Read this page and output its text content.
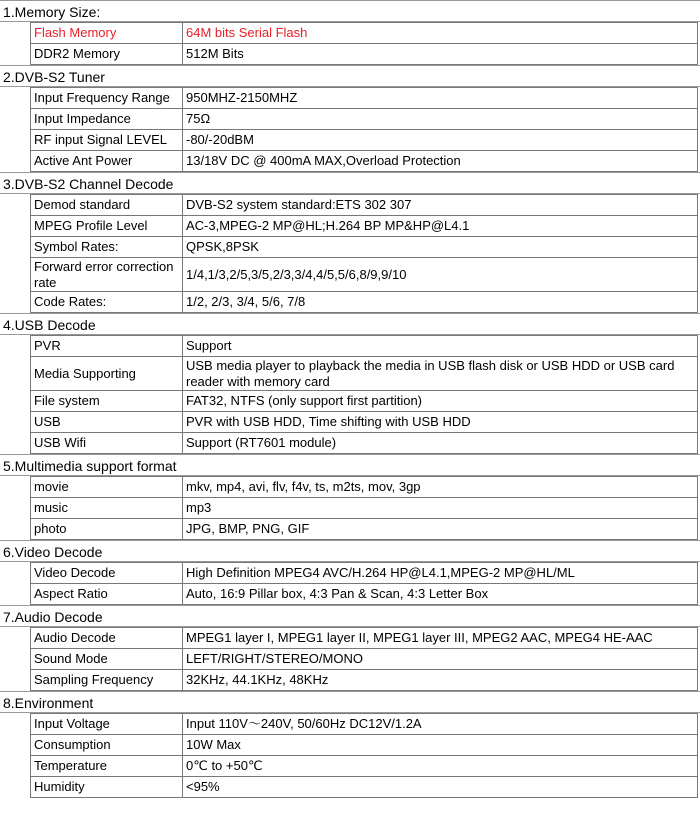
1.Memory Size:
Flash Memory	64M bits Serial Flash
DDR2 Memory	512M Bits
2.DVB-S2 Tuner
Input Frequency Range	950MHZ-2150MHZ
Input Impedance	75Ω
RF input Signal LEVEL	-80/-20dBM
Active Ant Power	13/18V DC @ 400mA MAX,Overload Protection
3.DVB-S2 Channel Decode
Demod standard	DVB-S2 system standard:ETS 302 307
MPEG Profile Level	AC-3,MPEG-2 MP@HL;H.264 BP MP&HP@L4.1
Symbol Rates:	QPSK,8PSK
Forward error correction rate	1/4,1/3,2/5,3/5,2/3,3/4,4/5,5/6,8/9,9/10
Code Rates:	1/2, 2/3, 3/4, 5/6, 7/8
4.USB Decode
PVR	Support
Media Supporting	USB media player to playback the media in USB flash disk or USB HDD or USB card reader with memory card
File system	FAT32, NTFS (only support first partition)
USB	PVR with USB HDD, Time shifting with USB HDD
USB Wifi	Support (RT7601 module)
5.Multimedia support format
movie	mkv, mp4, avi, flv, f4v, ts, m2ts, mov, 3gp
music	mp3
photo	JPG, BMP, PNG, GIF
6.Video Decode
Video Decode	High Definition MPEG4 AVC/H.264 HP@L4.1,MPEG-2 MP@HL/ML
Aspect Ratio	Auto, 16:9 Pillar box, 4:3 Pan & Scan, 4:3 Letter Box
7.Audio Decode
Audio Decode	MPEG1 layer I, MPEG1 layer II, MPEG1 layer III, MPEG2 AAC, MPEG4 HE-AAC
Sound Mode	LEFT/RIGHT/STEREO/MONO
Sampling Frequency	32KHz, 44.1KHz, 48KHz
8.Environment
Input Voltage	Input 110V～240V, 50/60Hz DC12V/1.2A
Consumption	10W Max
Temperature	0℃ to +50℃
Humidity	<95%
